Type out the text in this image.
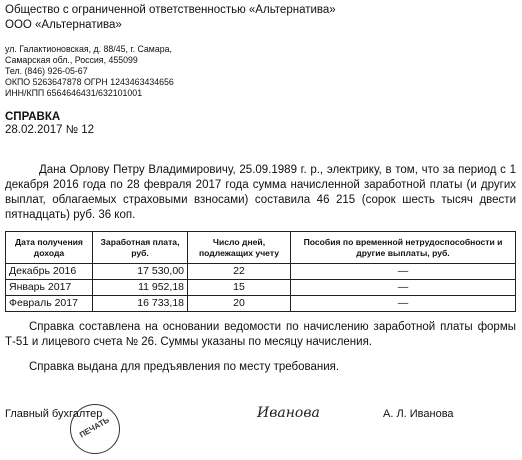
Общество с ограниченной ответственностью «Альтернатива»
ООО «Альтернатива»
ул. Галактионовская, д. 88/45, г. Самара,
Самарская обл., Россия, 455099
Тел. (846) 926-05-67
ОКПО 5263647878 ОГРН 1243463434656
ИНН/КПП 6564646431/632101001
СПРАВКА
28.02.2017 № 12
Дана Орлову Петру Владимировичу, 25.09.1989 г. р., электрику, в том, что за период с 1 декабря 2016 года по 28 февраля 2017 года сумма начисленной заработной платы (и других выплат, облагаемых страховыми взносами) составила 46 215 (сорок шесть тысяч двести пятнадцать) руб. 36 коп.
Дата получения дохода	Заработная плата, руб.	Число дней, подлежащих учету	Пособия по временной нетрудоспособности и другие выплаты, руб.
Декабрь 2016	17 530,00	22	—
Январь 2017	11 952,18	15	—
Февраль 2017	16 733,18	20	—
Справка составлена на основании ведомости по начислению заработной платы формы Т-51 и лицевого счета № 26. Суммы указаны по месяцу начисления.
Справка выдана для предъявления по месту требования.
Главный бухгалтер
ПЕЧАТЬ
Иванова	А. Л. Иванова
